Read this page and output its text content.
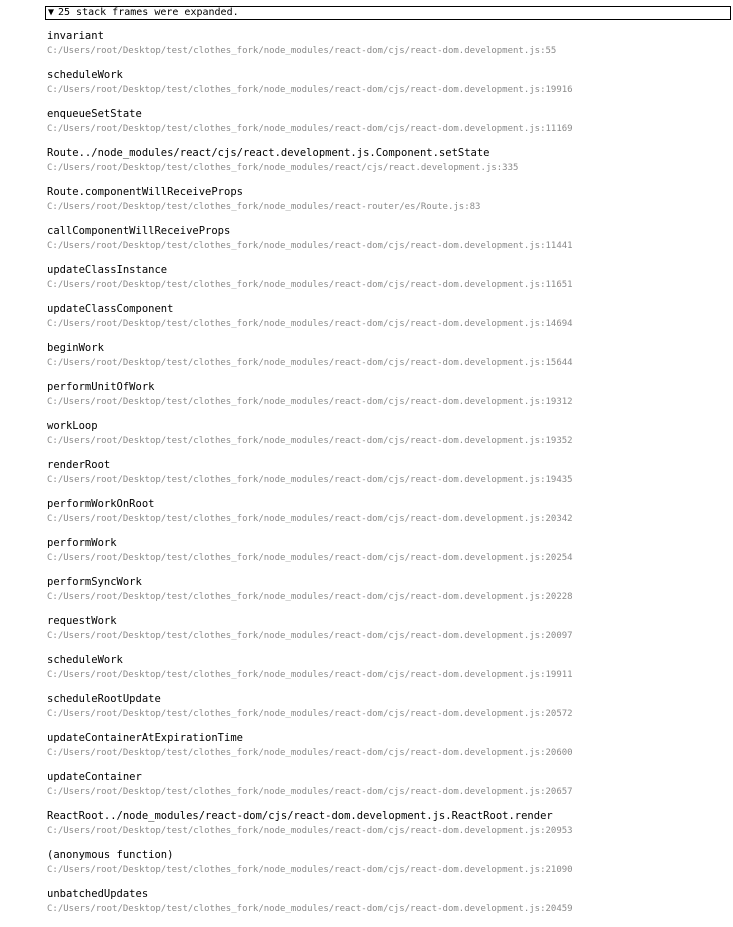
▼ 25 stack frames were expanded.
invariant
C:/Users/root/Desktop/test/clothes_fork/node_modules/react-dom/cjs/react-dom.development.js:55
scheduleWork
C:/Users/root/Desktop/test/clothes_fork/node_modules/react-dom/cjs/react-dom.development.js:19916
enqueueSetState
C:/Users/root/Desktop/test/clothes_fork/node_modules/react-dom/cjs/react-dom.development.js:11169
Route../node_modules/react/cjs/react.development.js.Component.setState
C:/Users/root/Desktop/test/clothes_fork/node_modules/react/cjs/react.development.js:335
Route.componentWillReceiveProps
C:/Users/root/Desktop/test/clothes_fork/node_modules/react-router/es/Route.js:83
callComponentWillReceiveProps
C:/Users/root/Desktop/test/clothes_fork/node_modules/react-dom/cjs/react-dom.development.js:11441
updateClassInstance
C:/Users/root/Desktop/test/clothes_fork/node_modules/react-dom/cjs/react-dom.development.js:11651
updateClassComponent
C:/Users/root/Desktop/test/clothes_fork/node_modules/react-dom/cjs/react-dom.development.js:14694
beginWork
C:/Users/root/Desktop/test/clothes_fork/node_modules/react-dom/cjs/react-dom.development.js:15644
performUnitOfWork
C:/Users/root/Desktop/test/clothes_fork/node_modules/react-dom/cjs/react-dom.development.js:19312
workLoop
C:/Users/root/Desktop/test/clothes_fork/node_modules/react-dom/cjs/react-dom.development.js:19352
renderRoot
C:/Users/root/Desktop/test/clothes_fork/node_modules/react-dom/cjs/react-dom.development.js:19435
performWorkOnRoot
C:/Users/root/Desktop/test/clothes_fork/node_modules/react-dom/cjs/react-dom.development.js:20342
performWork
C:/Users/root/Desktop/test/clothes_fork/node_modules/react-dom/cjs/react-dom.development.js:20254
performSyncWork
C:/Users/root/Desktop/test/clothes_fork/node_modules/react-dom/cjs/react-dom.development.js:20228
requestWork
C:/Users/root/Desktop/test/clothes_fork/node_modules/react-dom/cjs/react-dom.development.js:20097
scheduleWork
C:/Users/root/Desktop/test/clothes_fork/node_modules/react-dom/cjs/react-dom.development.js:19911
scheduleRootUpdate
C:/Users/root/Desktop/test/clothes_fork/node_modules/react-dom/cjs/react-dom.development.js:20572
updateContainerAtExpirationTime
C:/Users/root/Desktop/test/clothes_fork/node_modules/react-dom/cjs/react-dom.development.js:20600
updateContainer
C:/Users/root/Desktop/test/clothes_fork/node_modules/react-dom/cjs/react-dom.development.js:20657
ReactRoot../node_modules/react-dom/cjs/react-dom.development.js.ReactRoot.render
C:/Users/root/Desktop/test/clothes_fork/node_modules/react-dom/cjs/react-dom.development.js:20953
(anonymous function)
C:/Users/root/Desktop/test/clothes_fork/node_modules/react-dom/cjs/react-dom.development.js:21090
unbatchedUpdates
C:/Users/root/Desktop/test/clothes_fork/node_modules/react-dom/cjs/react-dom.development.js:20459
